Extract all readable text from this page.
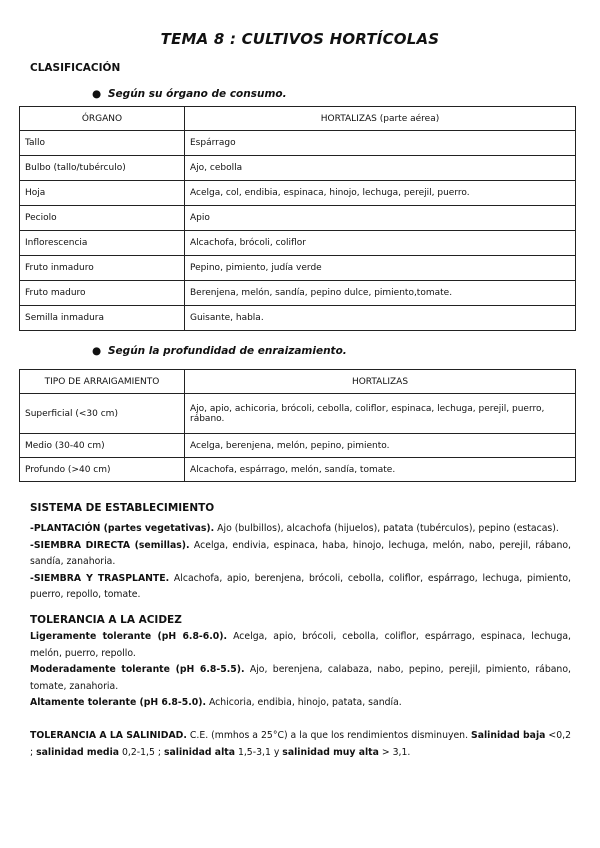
TEMA 8 : CULTIVOS HORTÍCOLAS
CLASIFICACIÓN
● Según su órgano de consumo.
ÓRGANO	HORTALIZAS (parte aérea)
Tallo	Espárrago
Bulbo (tallo/tubérculo)	Ajo, cebolla
Hoja	Acelga, col, endibia, espinaca, hinojo, lechuga, perejil, puerro.
Peciolo	Apio
Inflorescencia	Alcachofa, brócoli, coliflor
Fruto inmaduro	Pepino, pimiento, judía verde
Fruto maduro	Berenjena, melón, sandía, pepino dulce, pimiento,tomate.
Semilla inmadura	Guisante, habla.
● Según la profundidad de enraizamiento.
TIPO DE ARRAIGAMIENTO	HORTALIZAS
Superficial (<30 cm)	Ajo, apio, achicoria, brócoli, cebolla, coliflor, espinaca, lechuga, perejil, puerro, rábano.
Medio (30-40 cm)	Acelga, berenjena, melón, pepino, pimiento.
Profundo (>40 cm)	Alcachofa, espárrago, melón, sandía, tomate.
SISTEMA DE ESTABLECIMIENTO
-PLANTACIÓN (partes vegetativas). Ajo (bulbillos), alcachofa (hijuelos), patata (tubérculos), pepino (estacas).
-SIEMBRA DIRECTA (semillas). Acelga, endivia, espinaca, haba, hinojo, lechuga, melón, nabo, perejil, rábano, sandía, zanahoria.
-SIEMBRA Y TRASPLANTE. Alcachofa, apio, berenjena, brócoli, cebolla, coliflor, espárrago, lechuga, pimiento, puerro, repollo, tomate.
TOLERANCIA A LA ACIDEZ
Ligeramente tolerante (pH 6.8-6.0). Acelga, apio, brócoli, cebolla, coliflor, espárrago, espinaca, lechuga, melón, puerro, repollo.
Moderadamente tolerante (pH 6.8-5.5). Ajo, berenjena, calabaza, nabo, pepino, perejil, pimiento, rábano, tomate, zanahoria.
Altamente tolerante (pH 6.8-5.0). Achicoria, endibia, hinojo, patata, sandía.
TOLERANCIA A LA SALINIDAD. C.E. (mmhos a 25°C) a la que los rendimientos disminuyen. Salinidad baja <0,2 ; salinidad media 0,2-1,5 ; salinidad alta 1,5-3,1 y salinidad muy alta > 3,1.
